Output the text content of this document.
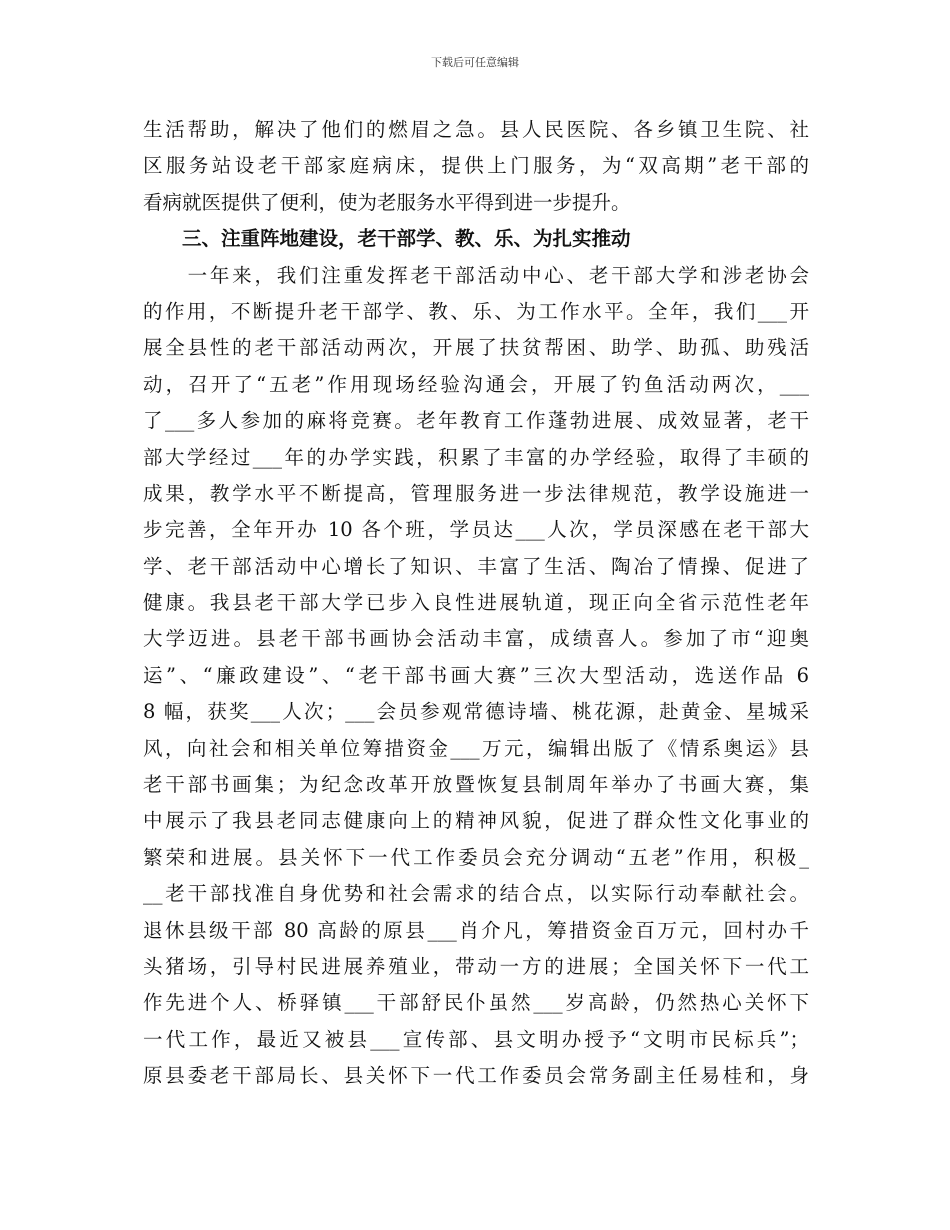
下载后可任意编辑
生活帮助，解决了他们的燃眉之急。县人民医院、各乡镇卫生院、社
区服务站设老干部家庭病床，提供上门服务，为“双高期”老干部的
看病就医提供了便利，使为老服务水平得到进一步提升。
三、注重阵地建设，老干部学、教、乐、为扎实推动
　　一年来，我们注重发挥老干部活动中心、老干部大学和涉老协会
的作用，不断提升老干部学、教、乐、为工作水平。全年，我们___开
展全县性的老干部活动两次，开展了扶贫帮困、助学、助孤、助残活
动，召开了“五老”作用现场经验沟通会，开展了钓鱼活动两次，___
了___多人参加的麻将竞赛。老年教育工作蓬勃进展、成效显著，老干
部大学经过___年的办学实践，积累了丰富的办学经验，取得了丰硕的
成果，教学水平不断提高，管理服务进一步法律规范，教学设施进一
步完善，全年开办 10 各个班，学员达___人次，学员深感在老干部大
学、老干部活动中心增长了知识、丰富了生活、陶冶了情操、促进了
健康。我县老干部大学已步入良性进展轨道，现正向全省示范性老年
大学迈进。县老干部书画协会活动丰富，成绩喜人。参加了市“迎奥
运”、“廉政建设”、“老干部书画大赛”三次大型活动，选送作品 6
8 幅，获奖___人次；___会员参观常德诗墙、桃花源，赴黄金、星城采
风，向社会和相关单位筹措资金___万元，编辑出版了《情系奥运》县
老干部书画集；为纪念改革开放暨恢复县制周年举办了书画大赛，集
中展示了我县老同志健康向上的精神风貌，促进了群众性文化事业的
繁荣和进展。县关怀下一代工作委员会充分调动“五老”作用，积极_
__老干部找准自身优势和社会需求的结合点，以实际行动奉献社会。
退休县级干部 80 高龄的原县___肖介凡，筹措资金百万元，回村办千
头猪场，引导村民进展养殖业，带动一方的进展；全国关怀下一代工
作先进个人、桥驿镇___干部舒民仆虽然___岁高龄，仍然热心关怀下
一代工作，最近又被县___宣传部、县文明办授予“文明市民标兵”；
原县委老干部局长、县关怀下一代工作委员会常务副主任易桂和，身
